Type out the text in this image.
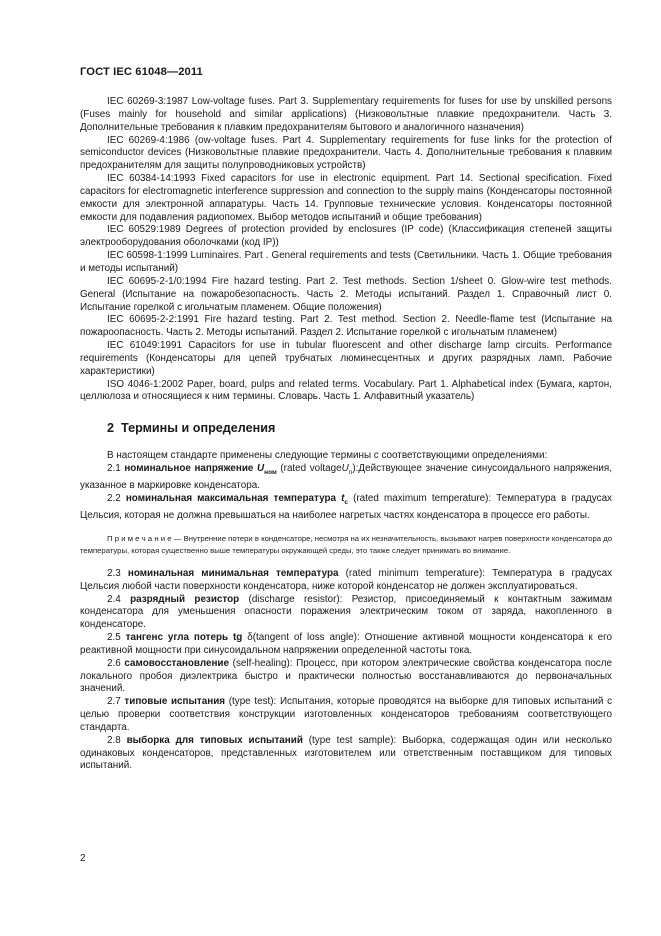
ГОСТ IEC 61048—2011

IEC 60269-3:1987 Low-voltage fuses. Part 3. Supplementary requirements for fuses for use by unskilled persons (Fuses mainly for household and similar applications) (Низковольтные плавкие предохранители. Часть 3. Дополнительные требования к плавким предохранителям бытового и аналогичного назначения)

IEC 60269-4:1986 (ow-voltage fuses. Part 4. Supplementary requirements for fuse links for the protection of semiconductor devices (Низковольтные плавкие предохранители. Часть 4. Дополнительные требования к плавким предохранителям для защиты полупроводниковых устройств)

IEC 60384-14:1993 Fixed capacitors for use in electronic equipment. Part 14. Sectional specification. Fixed capacitors for electromagnetic interference suppression and connection to the supply mains (Конденсаторы постоянной емкости для электронной аппаратуры. Часть 14. Групповые технические условия. Конденсаторы постоянной емкости для подавления радиопомех. Выбор методов испытаний и общие требования)

IEC 60529:1989 Degrees of protection provided by enclosures (IP code) (Классификация степеней защиты электрооборудования оболочками (код IP))

IEC 60598-1:1999 Luminaires. Part . General requirements and tests (Светильники. Часть 1. Общие требования и методы испытаний)

IEC 60695-2-1/0:1994 Fire hazard testing. Part 2. Test methods. Section 1/sheet 0. Glow-wire test methods. General (Испытание на пожаробезопасность. Часть 2. Методы испытаний. Раздел 1. Справочный лист 0. Испытание горелкой с игольчатым пламенем. Общие положения)

IEC 60695-2-2:1991 Fire hazard testing. Part 2. Test method. Section 2. Needle-flame test (Испытание на пожароопасность. Часть 2. Методы испытаний. Раздел 2. Испытание горелкой с игольчатым пламенем)

IEC 61049:1991 Capacitors for use in tubular fluorescent and other discharge lamp circuits. Performance requirements (Конденсаторы для цепей трубчатых люминесцентных и других разрядных ламп. Рабочие характеристики)

ISO 4046-1:2002 Paper, board, pulps and related terms. Vocabulary. Part 1. Alphabetical index (Бумага, картон, целлюлоза и относящиеся к ним термины. Словарь. Часть 1. Алфавитный указатель)

2 Термины и определения

В настоящем стандарте применены следующие термины с соответствующими определениями:

2.1 номинальное напряжение $U_{ном}$ (rated voltageU$_n$):Действующее значение синусоидального напряжения, указанное в маркировке конденсатора.

2.2 номинальная максимальная температура $t_c$ (rated maximum temperature): Температура в градусах Цельсия, которая не должна превышаться на наиболее нагретых частях конденсатора в процессе его работы.

П р и м е ч а н и е — Внутренние потери в конденсаторе, несмотря на их незначительность, вызывают нагрев поверхности конденсатора до температуры, которая существенно выше температуры окружающей среды, это также следует принимать во внимание.

2.3 номинальная минимальная температура (rated minimum temperature): Температура в градусах Цельсия любой части поверхности конденсатора, ниже которой конденсатор не должен эксплуатироваться.

2.4 разрядный резистор (discharge resistor): Резистор, присоединяемый к контактным зажимам конденсатора для уменьшения опасности поражения электрическим током от заряда, накопленного в конденсаторе.

2.5 тангенс угла потерь tg δ(tangent of loss angle): Отношение активной мощности конденсатора к его реактивной мощности при синусоидальном напряжении определенной частоты тока.

2.6 самовосстановление (self-healing): Процесс, при котором электрические свойства конденсатора после локального пробоя диэлектрика быстро и практически полностью восстанавливаются до первоначальных значений.

2.7 типовые испытания (type test): Испытания, которые проводятся на выборке для типовых испытаний с целью проверки соответствия конструкции изготовленных конденсаторов требованиям соответствующего стандарта.

2.8 выборка для типовых испытаний (type test sample): Выборка, содержащая один или несколько одинаковых конденсаторов, представленных изготовителем или ответственным поставщиком для типовых испытаний.

2
